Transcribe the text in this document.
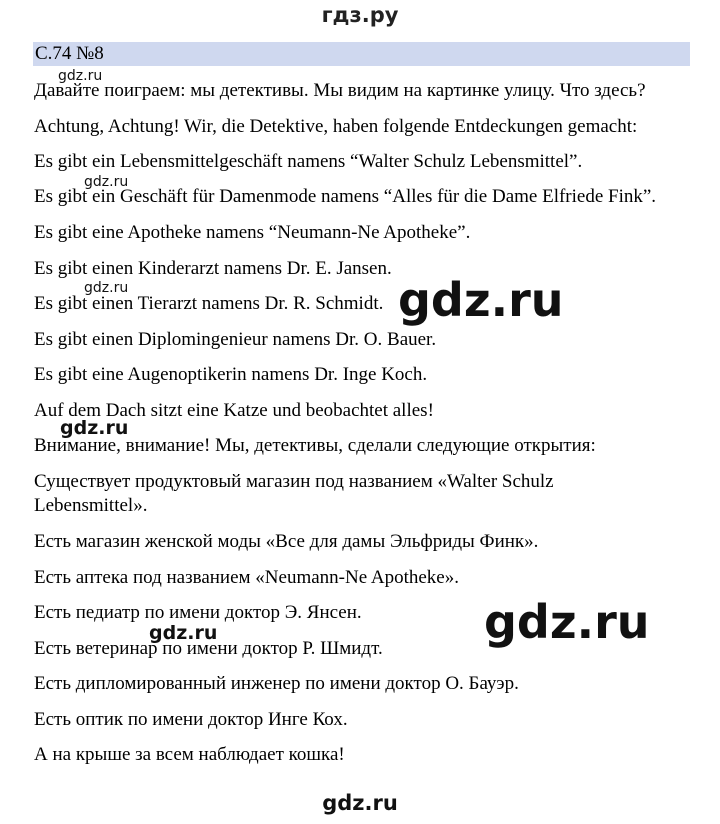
гдз.ру
С.74 №8
Давайте поиграем: мы детективы. Мы видим на картинке улицу. Что здесь?
Achtung, Achtung! Wir, die Detektive, haben folgende Entdeckungen gemacht:
Es gibt ein Lebensmittelgeschäft namens “Walter Schulz Lebensmittel”.
Es gibt ein Geschäft für Damenmode namens “Alles für die Dame Elfriede Fink”.
Es gibt eine Apotheke namens “Neumann-Ne Apotheke”.
Es gibt einen Kinderarzt namens Dr. E. Jansen.
Es gibt einen Tierarzt namens Dr. R. Schmidt.
Es gibt einen Diplomingenieur namens Dr. O. Bauer.
Es gibt eine Augenoptikerin namens Dr. Inge Koch.
Auf dem Dach sitzt eine Katze und beobachtet alles!
Внимание, внимание! Мы, детективы, сделали следующие открытия:
Существует продуктовый магазин под названием «Walter Schulz
Lebensmittel».
Есть магазин женской моды «Все для дамы Эльфриды Финк».
Есть аптека под названием «Neumann-Ne Apotheke».
Есть педиатр по имени доктор Э. Янсен.
Есть ветеринар по имени доктор Р. Шмидт.
Есть дипломированный инженер по имени доктор О. Бауэр.
Есть оптик по имени доктор Инге Кох.
А на крыше за всем наблюдает кошка!
gdz.ru
gdz.ru
gdz.ru
gdz.ru
gdz.ru
gdz.ru
gdz.ru
gdz.ru
